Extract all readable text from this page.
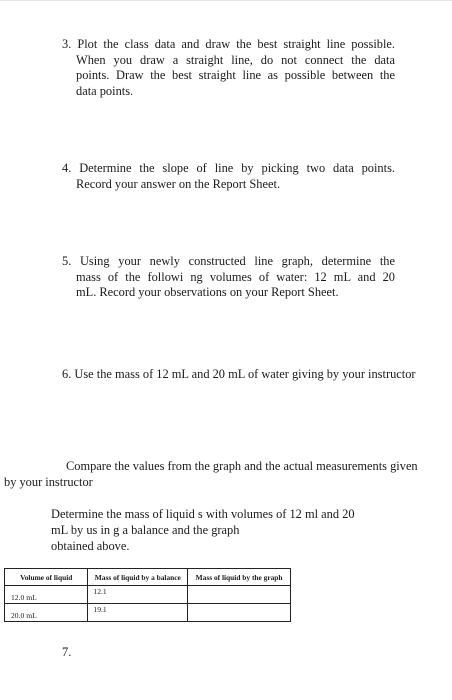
3. Plot the class data and draw the best straight line possible.
When you draw a straight line, do not connect the data
points. Draw the best straight line as possible between the
data points.
4. Determine the slope of line by picking two data points.
Record your answer on the Report Sheet.
5. Using your newly constructed line graph, determine the
mass of the followi ng volumes of water: 12 mL and 20
mL. Record your observations on your Report Sheet.
6. Use the mass of 12 mL and 20 mL of water giving by your instructor
Compare the values from the graph and the actual measurements given
by your instructor
Determine the mass of liquid s with volumes of 12 ml and 20
mL by us in g a balance and the graph
obtained above.
Volume of liquid	Mass of liquid by a balance	Mass of liquid by the graph
12.0 mL	12.1	
20.0 mL	19.1	
7.
